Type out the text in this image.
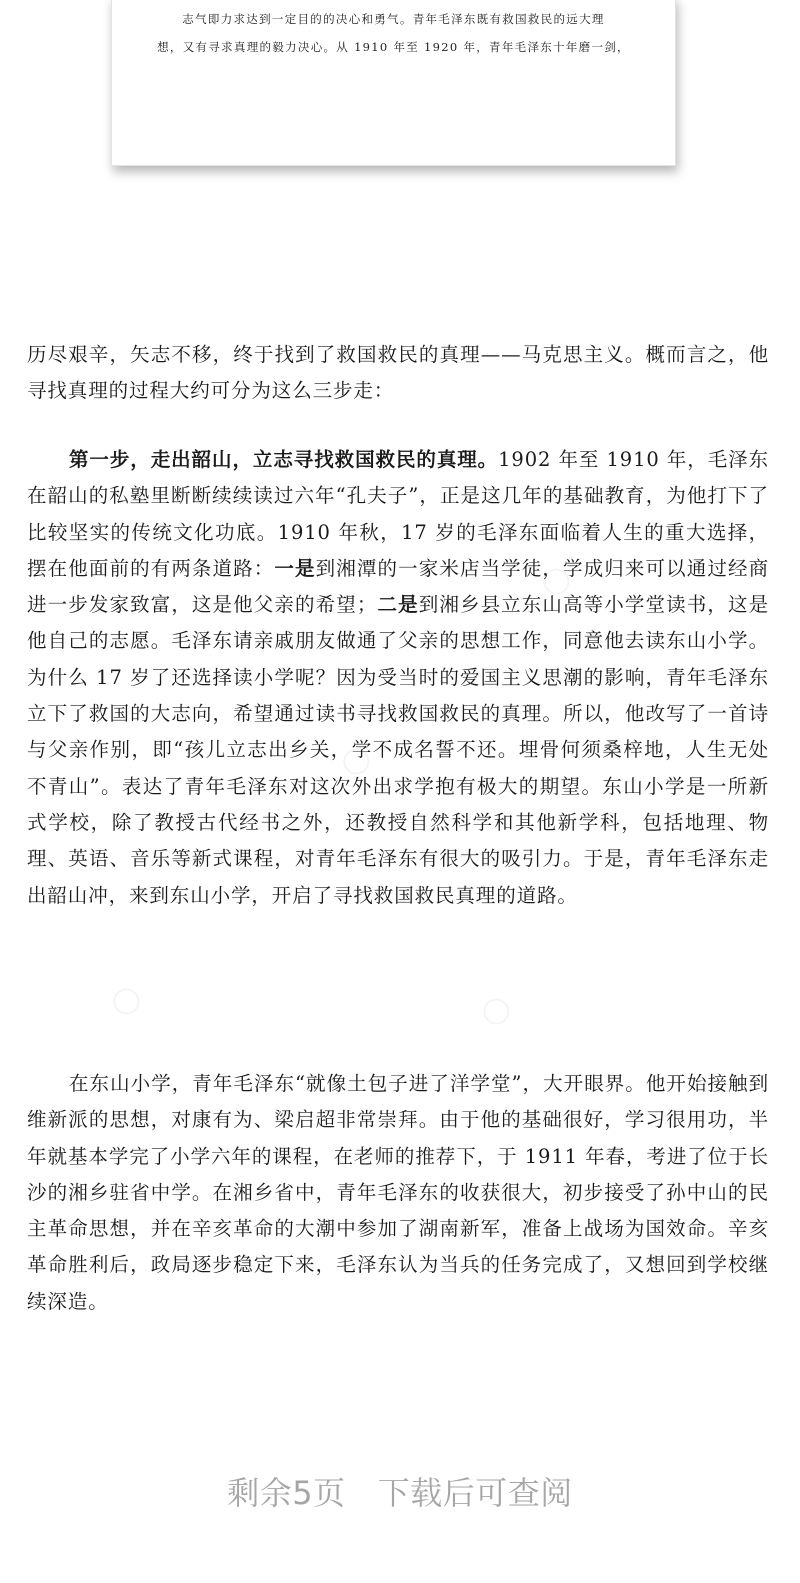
志气即力求达到一定目的的决心和勇气。青年毛泽东既有救国救民的远大理
想，又有寻求真理的毅力决心。从 1910 年至 1920 年，青年毛泽东十年磨一剑，
历尽艰辛，矢志不移，终于找到了救国救民的真理——马克思主义。概而言之，他寻找真理的过程大约可分为这么三步走：
第一步，走出韶山，立志寻找救国救民的真理。1902 年至 1910 年，毛泽东在韶山的私塾里断断续续读过六年“孔夫子”，正是这几年的基础教育，为他打下了比较坚实的传统文化功底。1910 年秋，17 岁的毛泽东面临着人生的重大选择，摆在他面前的有两条道路：一是到湘潭的一家米店当学徒，学成归来可以通过经商进一步发家致富，这是他父亲的希望；二是到湘乡县立东山高等小学堂读书，这是他自己的志愿。毛泽东请亲戚朋友做通了父亲的思想工作，同意他去读东山小学。为什么 17 岁了还选择读小学呢？因为受当时的爱国主义思潮的影响，青年毛泽东立下了救国的大志向，希望通过读书寻找救国救民的真理。所以，他改写了一首诗与父亲作别，即“孩儿立志出乡关，学不成名誓不还。埋骨何须桑梓地，人生无处不青山”。表达了青年毛泽东对这次外出求学抱有极大的期望。东山小学是一所新式学校，除了教授古代经书之外，还教授自然科学和其他新学科，包括地理、物理、英语、音乐等新式课程，对青年毛泽东有很大的吸引力。于是，青年毛泽东走出韶山冲，来到东山小学，开启了寻找救国救民真理的道路。
在东山小学，青年毛泽东“就像土包子进了洋学堂”，大开眼界。他开始接触到维新派的思想，对康有为、梁启超非常崇拜。由于他的基础很好，学习很用功，半年就基本学完了小学六年的课程，在老师的推荐下，于 1911 年春，考进了位于长沙的湘乡驻省中学。在湘乡省中，青年毛泽东的收获很大，初步接受了孙中山的民主革命思想，并在辛亥革命的大潮中参加了湖南新军，准备上战场为国效命。辛亥革命胜利后，政局逐步稳定下来，毛泽东认为当兵的任务完成了，又想回到学校继续深造。
剩余5页 下载后可查阅
